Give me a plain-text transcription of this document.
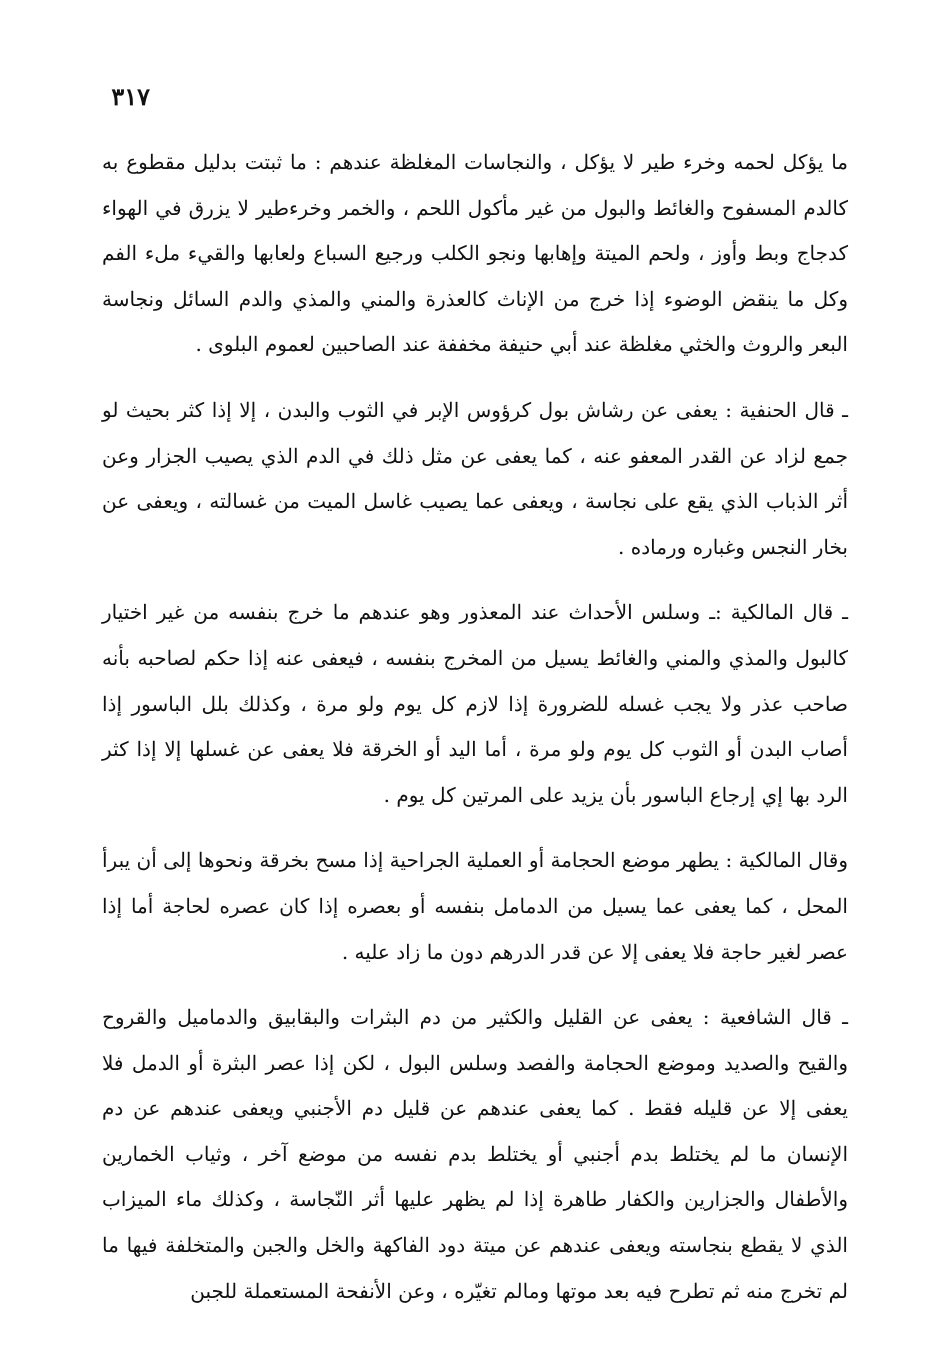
٣١٧

ما يؤكل لحمه وخرء طير لا يؤكل ، والنجاسات المغلظة عندهم : ما ثبتت بدليل مقطوع به كالدم المسفوح والغائط والبول من غير مأكول اللحم ، والخمر وخرءطير لا يزرق في الهواء كدجاج وبط وأوز ، ولحم الميتة وإهابها ونجو الكلب ورجيع السباع ولعابها والقيء ملء الفم وكل ما ينقض الوضوء إذا خرج من الإناث كالعذرة والمني والمذي والدم السائل ونجاسة البعر والروث والخثي مغلظة عند أبي حنيفة مخففة عند الصاحبين لعموم البلوى .

ـ قال الحنفية : يعفى عن رشاش بول كرؤوس الإبر في الثوب والبدن ، إلا إذا كثر بحيث لو جمع لزاد عن القدر المعفو عنه ، كما يعفى عن مثل ذلك في الدم الذي يصيب الجزار وعن أثر الذباب الذي يقع على نجاسة ، ويعفى عما يصيب غاسل الميت من غسالته ، ويعفى عن بخار النجس وغباره ورماده .

ـ قال المالكية :ـ وسلس الأحداث عند المعذور وهو عندهم ما خرج بنفسه من غير اختيار كالبول والمذي والمني والغائط يسيل من المخرج بنفسه ، فيعفى عنه إذا حكم لصاحبه بأنه صاحب عذر ولا يجب غسله للضرورة إذا لازم كل يوم ولو مرة ، وكذلك بلل الباسور إذا أصاب البدن أو الثوب كل يوم ولو مرة ، أما اليد أو الخرقة فلا يعفى عن غسلها إلا إذا كثر الرد بها إي إرجاع الباسور بأن يزيد على المرتين كل يوم .

وقال المالكية : يطهر موضع الحجامة أو العملية الجراحية إذا مسح بخرقة ونحوها إلى أن يبرأ المحل ، كما يعفى عما يسيل من الدمامل بنفسه أو بعصره إذا كان عصره لحاجة أما إذا عصر لغير حاجة فلا يعفى إلا عن قدر الدرهم دون ما زاد عليه .

ـ قال الشافعية : يعفى عن القليل والكثير من دم البثرات والبقابيق والدماميل والقروح والقيح والصديد وموضع الحجامة والفصد وسلس البول ، لكن إذا عصر البثرة أو الدمل فلا يعفى إلا عن قليله فقط . كما يعفى عندهم عن قليل دم الأجنبي ويعفى عندهم عن دم الإنسان ما لم يختلط بدم أجنبي أو يختلط بدم نفسه من موضع آخر ، وثياب الخمارين والأطفال والجزارين والكفار طاهرة إذا لم يظهر عليها أثر النّجاسة ، وكذلك ماء الميزاب الذي لا يقطع بنجاسته ويعفى عندهم عن ميتة دود الفاكهة والخل والجبن والمتخلفة فيها ما لم تخرج منه ثم تطرح فيه بعد موتها ومالم تغيّره ، وعن الأنفحة المستعملة للجبن
